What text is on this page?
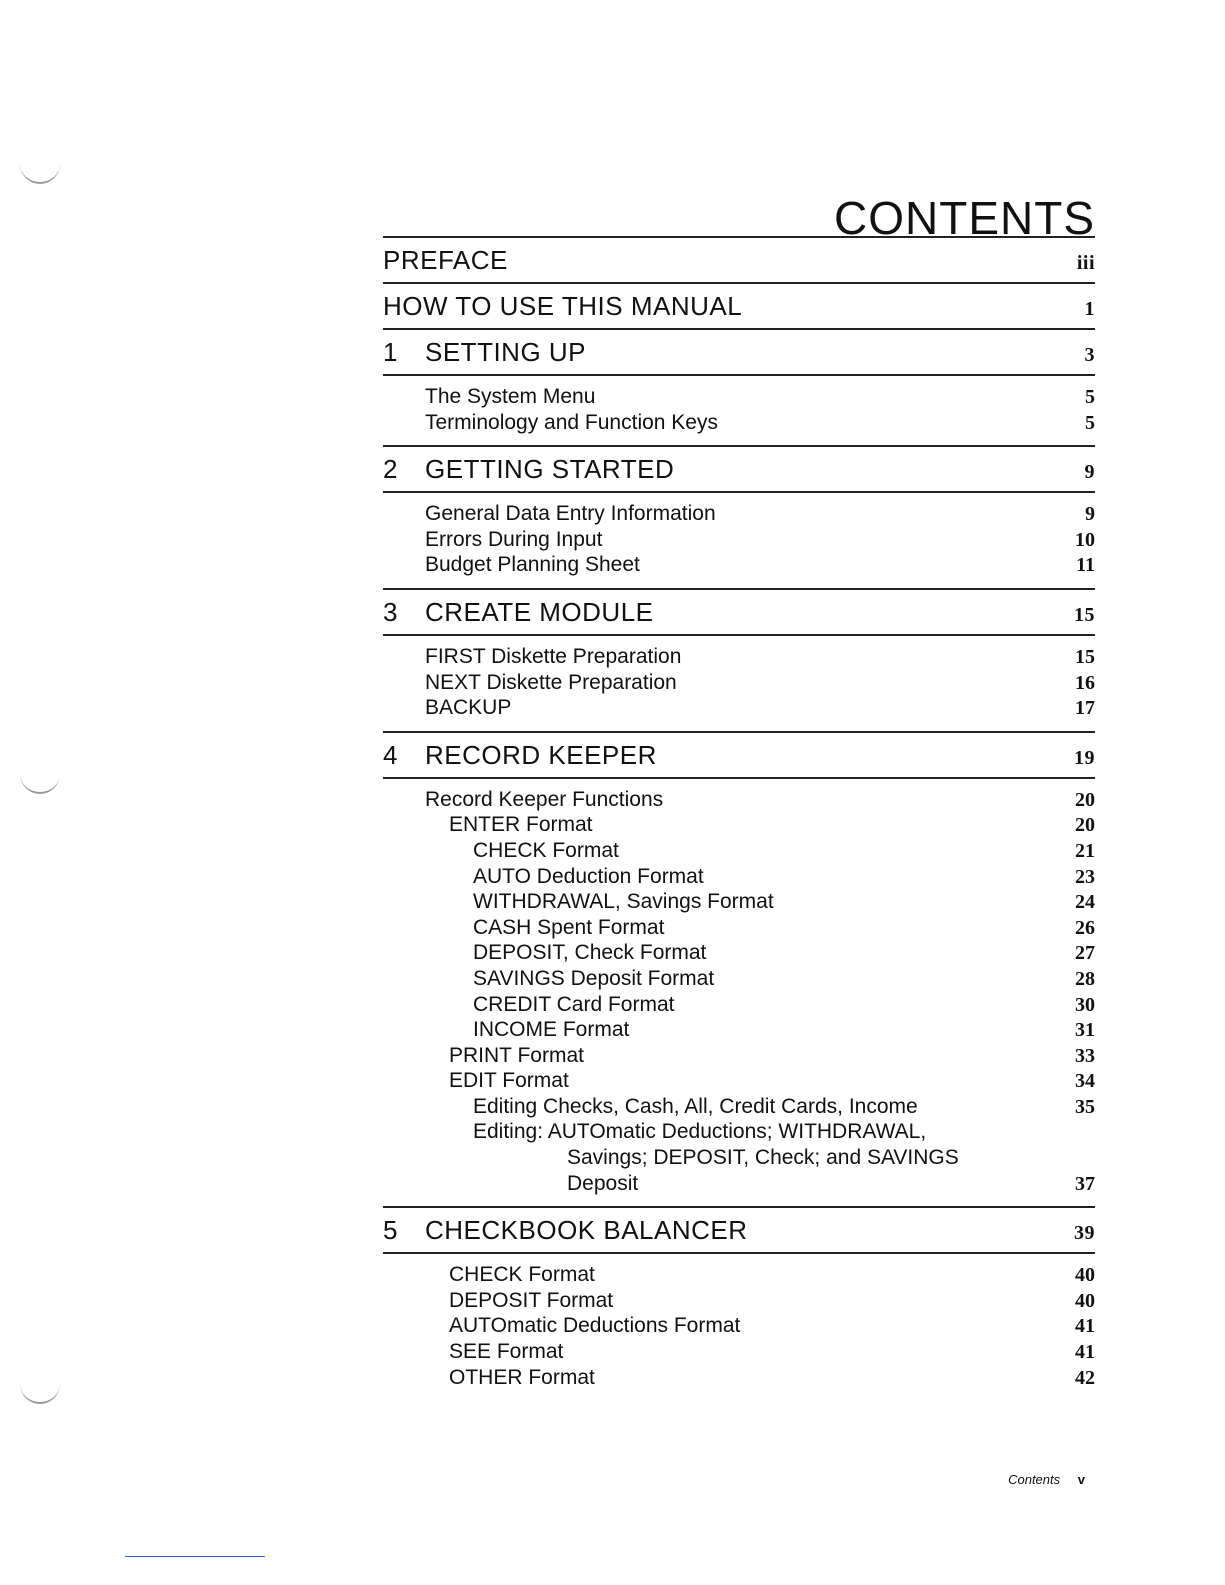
CONTENTS
PREFACE	iii
HOW TO USE THIS MANUAL	1
1 SETTING UP	3
The System Menu	5
Terminology and Function Keys	5
2 GETTING STARTED	9
General Data Entry Information	9
Errors During Input	10
Budget Planning Sheet	11
3 CREATE MODULE	15
FIRST Diskette Preparation	15
NEXT Diskette Preparation	16
BACKUP	17
4 RECORD KEEPER	19
Record Keeper Functions	20
ENTER Format	20
CHECK Format	21
AUTO Deduction Format	23
WITHDRAWAL, Savings Format	24
CASH Spent Format	26
DEPOSIT, Check Format	27
SAVINGS Deposit Format	28
CREDIT Card Format	30
INCOME Format	31
PRINT Format	33
EDIT Format	34
Editing Checks, Cash, All, Credit Cards, Income	35
Editing: AUTOmatic Deductions; WITHDRAWAL,
Savings; DEPOSIT, Check; and SAVINGS
Deposit	37
5 CHECKBOOK BALANCER	39
CHECK Format	40
DEPOSIT Format	40
AUTOmatic Deductions Format	41
SEE Format	41
OTHER Format	42
Contents v
